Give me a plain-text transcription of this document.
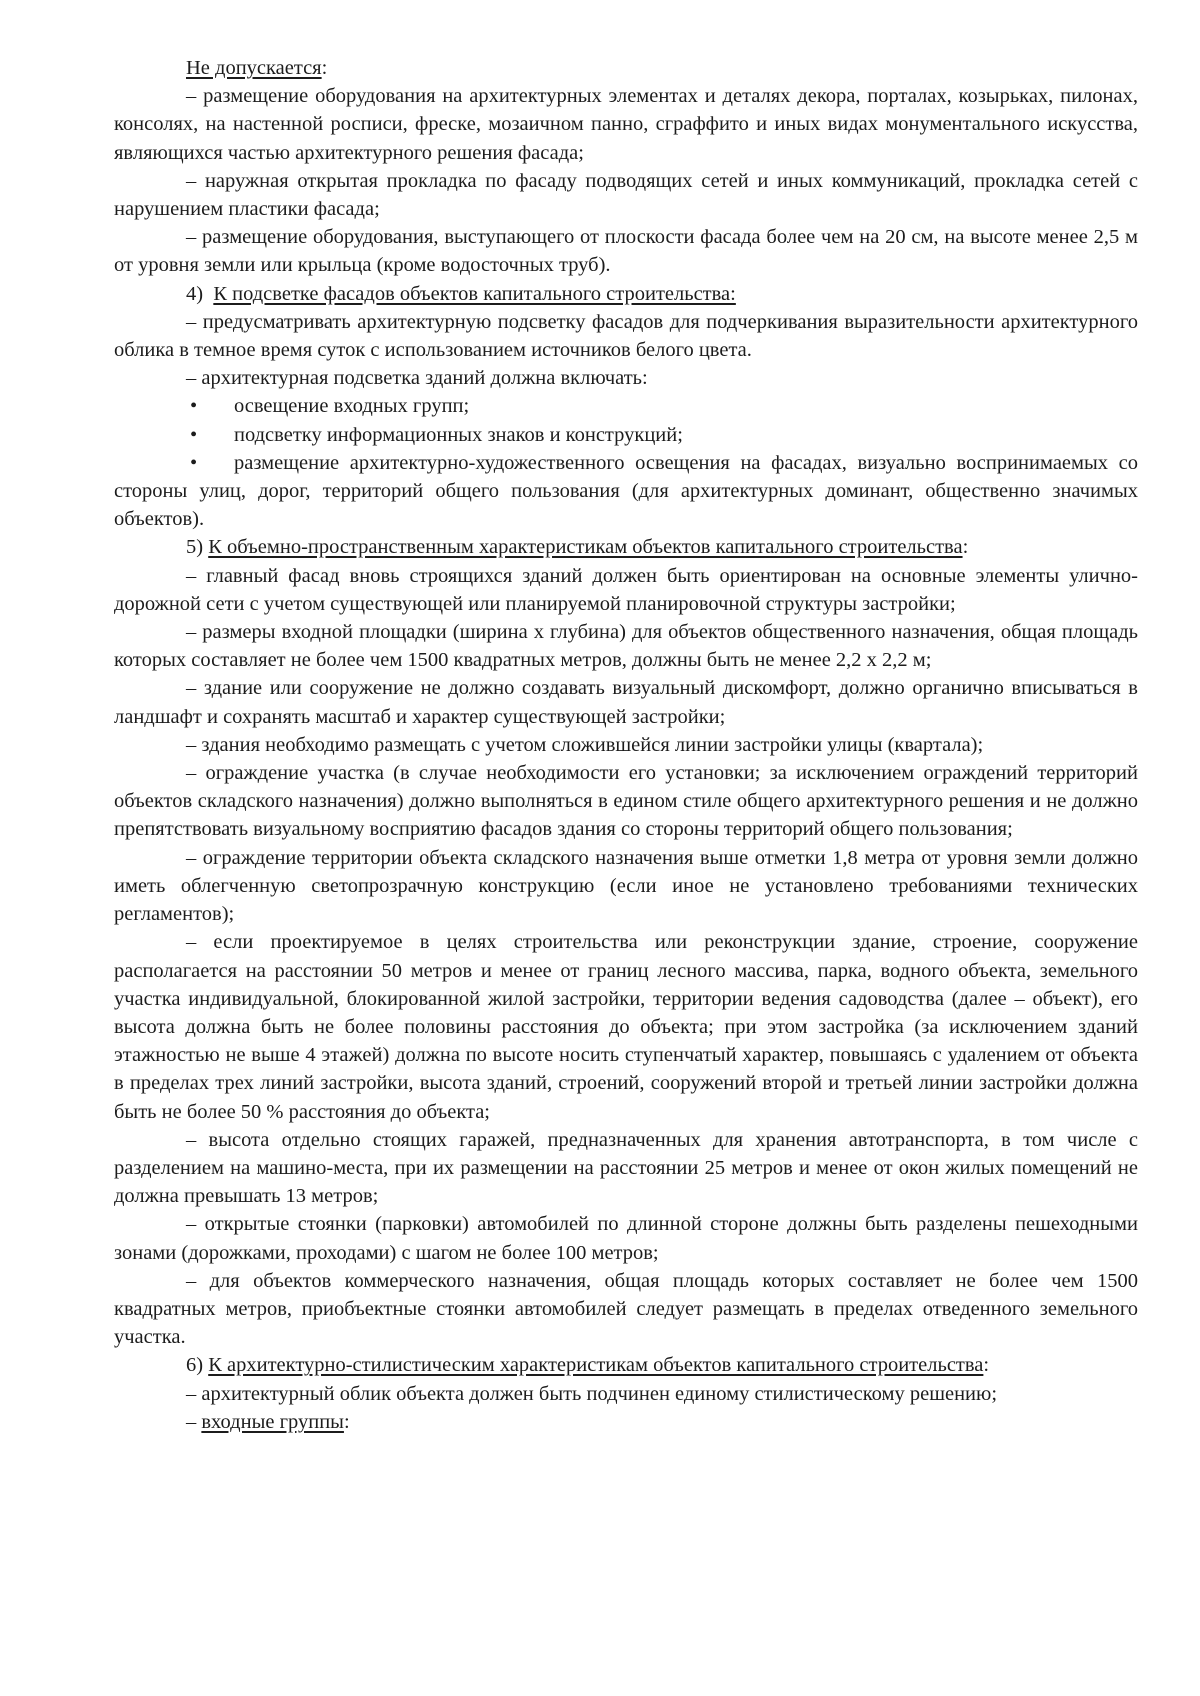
Не допускается:

– размещение оборудования на архитектурных элементах и деталях декора, порталах, козырьках, пилонах, консолях, на настенной росписи, фреске, мозаичном панно, сграффито и иных видах монументального искусства, являющихся частью архитектурного решения фасада;

– наружная открытая прокладка по фасаду подводящих сетей и иных коммуникаций, прокладка сетей с нарушением пластики фасада;

– размещение оборудования, выступающего от плоскости фасада более чем на 20 см, на высоте менее 2,5 м от уровня земли или крыльца (кроме водосточных труб).

4)  К подсветке фасадов объектов капитального строительства:

– предусматривать архитектурную подсветку фасадов для подчеркивания выразительности архитектурного облика в темное время суток с использованием источников белого цвета.

– архитектурная подсветка зданий должна включать:

• освещение входных групп;

• подсветку информационных знаков и конструкций;

• размещение архитектурно-художественного освещения на фасадах, визуально воспринимаемых со стороны улиц, дорог, территорий общего пользования (для архитектурных доминант, общественно значимых объектов).

5) К объемно-пространственным характеристикам объектов капитального строительства:

– главный фасад вновь строящихся зданий должен быть ориентирован на основные элементы улично-дорожной сети с учетом существующей или планируемой планировочной структуры застройки;

– размеры входной площадки (ширина х глубина) для объектов общественного назначения, общая площадь которых составляет не более чем 1500 квадратных метров, должны быть не менее 2,2 х 2,2 м;

– здание или сооружение не должно создавать визуальный дискомфорт, должно органично вписываться в ландшафт и сохранять масштаб и характер существующей застройки;

– здания необходимо размещать с учетом сложившейся линии застройки улицы (квартала);

– ограждение участка (в случае необходимости его установки; за исключением ограждений территорий объектов складского назначения) должно выполняться в едином стиле общего архитектурного решения и не должно препятствовать визуальному восприятию фасадов здания со стороны территорий общего пользования;

– ограждение территории объекта складского назначения выше отметки 1,8 метра от уровня земли должно иметь облегченную светопрозрачную конструкцию (если иное не установлено требованиями технических регламентов);

– если проектируемое в целях строительства или реконструкции здание, строение, сооружение располагается на расстоянии 50 метров и менее от границ лесного массива, парка, водного объекта, земельного участка индивидуальной, блокированной жилой застройки, территории ведения садоводства (далее – объект), его высота должна быть не более половины расстояния до объекта; при этом застройка (за исключением зданий этажностью не выше 4 этажей) должна по высоте носить ступенчатый характер, повышаясь с удалением от объекта в пределах трех линий застройки, высота зданий, строений, сооружений второй и третьей линии застройки должна быть не более 50 % расстояния до объекта;

– высота отдельно стоящих гаражей, предназначенных для хранения автотранспорта, в том числе с разделением на машино-места, при их размещении на расстоянии 25 метров и менее от окон жилых помещений не должна превышать 13 метров;

– открытые стоянки (парковки) автомобилей по длинной стороне должны быть разделены пешеходными зонами (дорожками, проходами) с шагом не более 100 метров;

– для объектов коммерческого назначения, общая площадь которых составляет не более чем 1500 квадратных метров, приобъектные стоянки автомобилей следует размещать в пределах отведенного земельного участка.

6) К архитектурно-стилистическим характеристикам объектов капитального строительства:

– архитектурный облик объекта должен быть подчинен единому стилистическому решению;

– входные группы:
